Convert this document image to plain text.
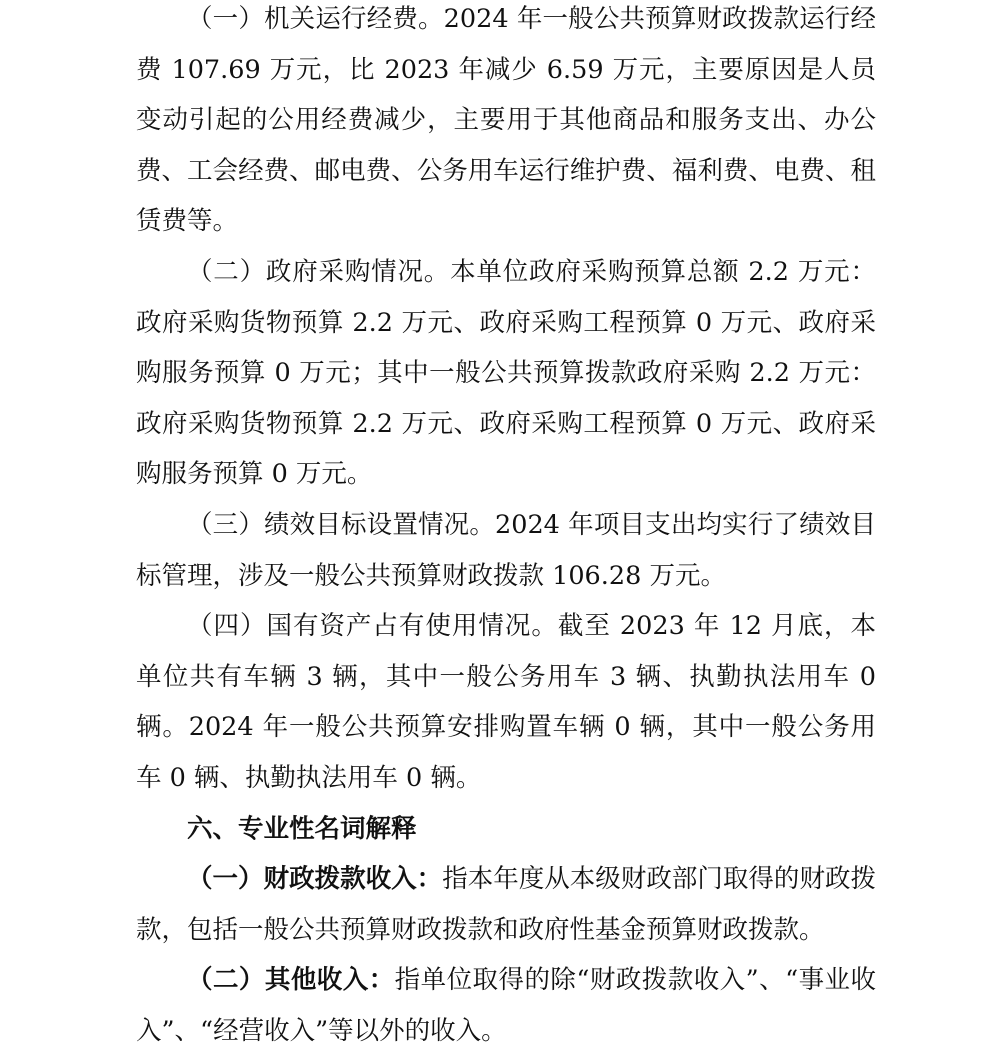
（一）机关运行经费。2024 年一般公共预算财政拨款运行经费 107.69 万元，比 2023 年减少 6.59 万元，主要原因是人员变动引起的公用经费减少，主要用于其他商品和服务支出、办公费、工会经费、邮电费、公务用车运行维护费、福利费、电费、租赁费等。

（二）政府采购情况。本单位政府采购预算总额 2.2 万元：政府采购货物预算 2.2 万元、政府采购工程预算 0 万元、政府采购服务预算 0 万元；其中一般公共预算拨款政府采购 2.2 万元：政府采购货物预算 2.2 万元、政府采购工程预算 0 万元、政府采购服务预算 0 万元。

（三）绩效目标设置情况。2024 年项目支出均实行了绩效目标管理，涉及一般公共预算财政拨款 106.28 万元。

（四）国有资产占有使用情况。截至 2023 年 12 月底，本单位共有车辆 3 辆，其中一般公务用车 3 辆、执勤执法用车 0 辆。2024 年一般公共预算安排购置车辆 0 辆，其中一般公务用车 0 辆、执勤执法用车 0 辆。

六、专业性名词解释

（一）财政拨款收入：指本年度从本级财政部门取得的财政拨款，包括一般公共预算财政拨款和政府性基金预算财政拨款。

（二）其他收入：指单位取得的除“财政拨款收入”、“事业收入”、“经营收入”等以外的收入。
